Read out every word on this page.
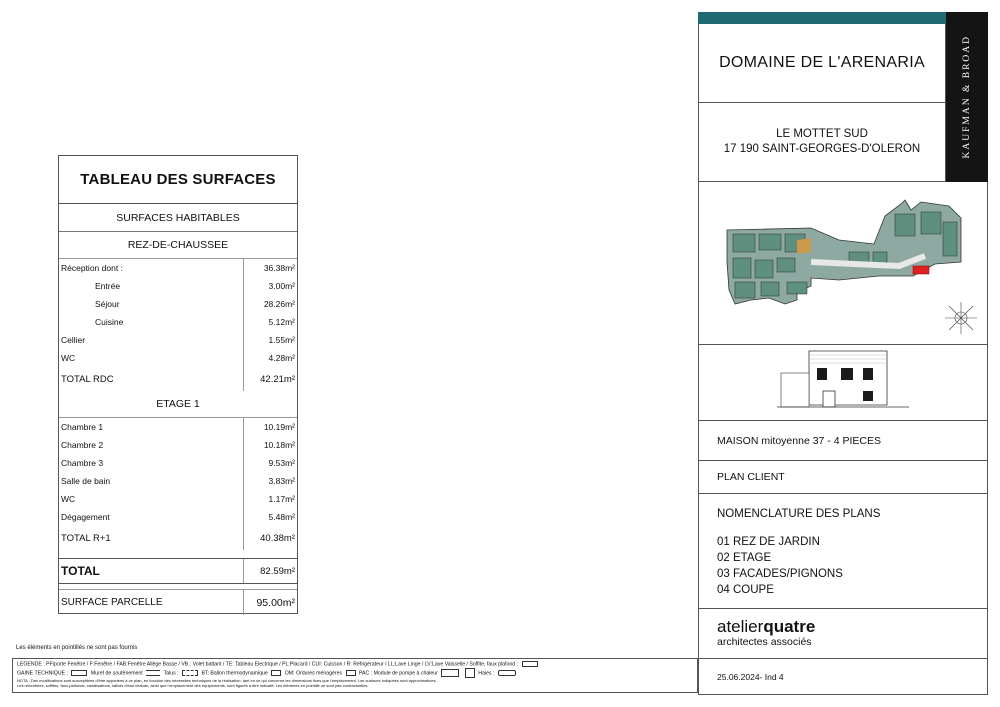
TABLEAU DES SURFACES
SURFACES HABITABLES
REZ-DE-CHAUSSEE
Réception dont :	36.38m²
Entrée	3.00m²
Séjour	28.26m²
Cuisine	5.12m²
Cellier	1.55m²
WC	4.28m²
TOTAL RDC	42.21m²
ETAGE 1
Chambre 1	10.19m²
Chambre 2	10.18m²
Chambre 3	9.53m²
Salle de bain	3.83m²
WC	1.17m²
Dégagement	5.48m²
TOTAL R+1	40.38m²
TOTAL	82.59m²
SURFACE PARCELLE	95.00m²
Les éléments en pointillés ne sont pas fournis
LEGENDE : PF/porte Fenêtre / F:Fenêtre / FAB:Fenêtre Allège Basse / VB : Volet battant / TE: Tableau Electrique / PL:Placard / CUI: Cuisson / R: Réfrigérateur / LL:Lave Linge / LV:Lave Vaisselle / Soffite, faux plafond :
GAINE TECHNIQUE :	Muret de soutènement	Talus :	BT: Ballon thermodynamique	OM: Ordures ménagères	PAC : Module de pompe à chaleur	Haies :
NOTA : Des modifications sont susceptibles d'être apportées à ce plan, en fonction des nécessités techniques de la réalisation, tant en ce qui concerne les dimensions fixes que l'emplacement. Les surfaces indiquées sont approximatives.
Les retombées, soffites, faux-plafonds, canalisations, taillois d'eau chaude, ainsi que l'emplacement des équipements, sont figurés à titre indicatif. Les éléments en pointillé ne sont pas contractuelles.
KAUFMAN & BROAD
DOMAINE DE L'ARENARIA
LE MOTTET SUD
17 190 SAINT-GEORGES-D'OLERON
MAISON mitoyenne 37 - 4 PIECES
PLAN CLIENT
NOMENCLATURE DES PLANS
01 REZ DE JARDIN
02 ETAGE
03 FACADES/PIGNONS
04 COUPE
atelierquatre
architectes associés
25.06.2024- Ind 4
